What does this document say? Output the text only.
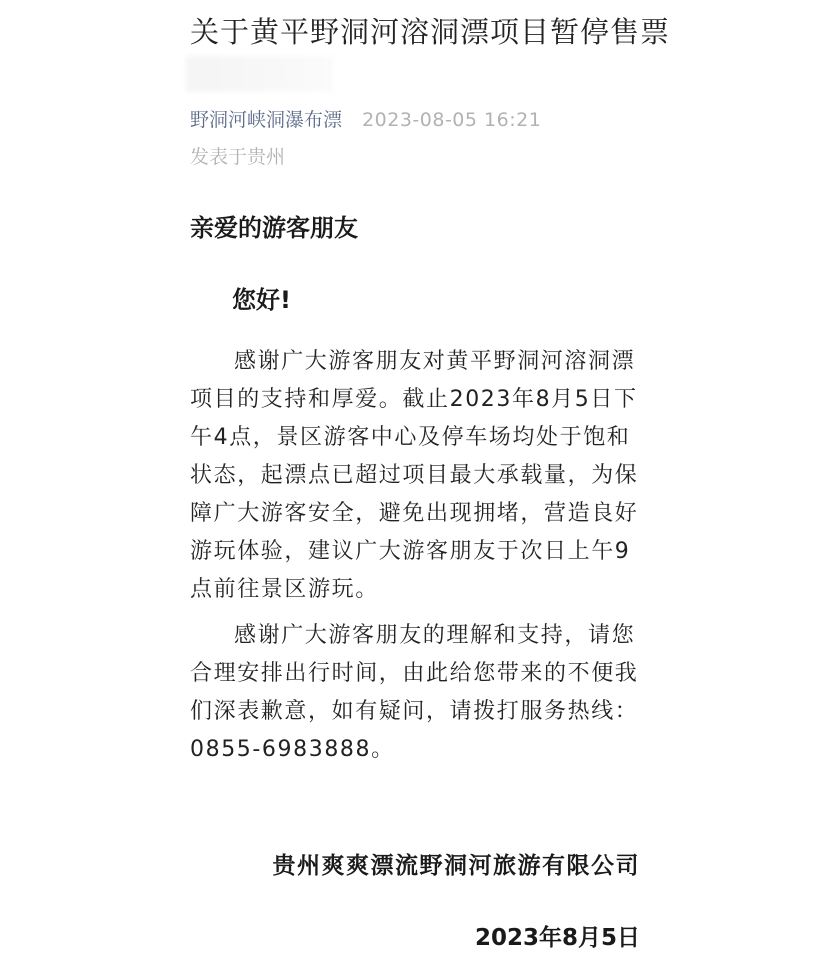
关于黄平野洞河溶洞漂项目暂停售票
野洞河峡洞瀑布漂 2023-08-05 16:21
发表于贵州
亲爱的游客朋友
您好!

感谢广大游客朋友对黄平野洞河溶洞漂项目的支持和厚爱。截止2023年8月5日下午4点，景区游客中心及停车场均处于饱和状态，起漂点已超过项目最大承载量，为保障广大游客安全，避免出现拥堵，营造良好游玩体验，建议广大游客朋友于次日上午9点前往景区游玩。

感谢广大游客朋友的理解和支持，请您合理安排出行时间，由此给您带来的不便我们深表歉意，如有疑问，请拨打服务热线：0855-6983888。

贵州爽爽漂流野洞河旅游有限公司
2023年8月5日
